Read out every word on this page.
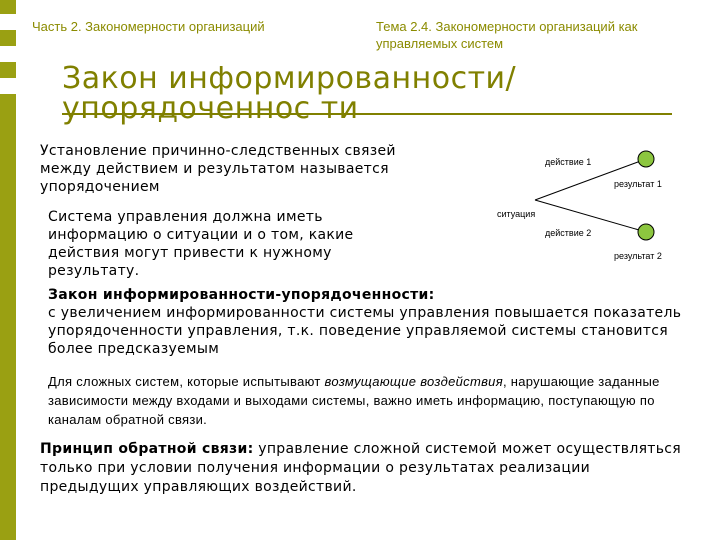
Часть 2. Закономерности организаций	Тема 2.4. Закономерности организаций как управляемых систем
Закон информированности/упорядоченнос ти
Установление причинно-следственных связей между действием и результатом называется упорядочением
Система управления должна иметь информацию о ситуации и о том, какие действия могут привести к нужному результату.
Закон информированности-упорядоченности:
с увеличением информированности системы управления повышается показатель упорядоченности управления, т.к. поведение управляемой системы становится более предсказуемым
Для сложных систем, которые испытывают возмущающие воздействия, нарушающие заданные зависимости между входами и выходами системы, важно иметь информацию, поступающую по каналам обратной связи.
Принцип обратной связи: управление сложной системой может осуществляться только при условии получения информации о результатах реализации предыдущих управляющих воздействий.
действие 1
результат 1
ситуация
действие 2
результат 2
